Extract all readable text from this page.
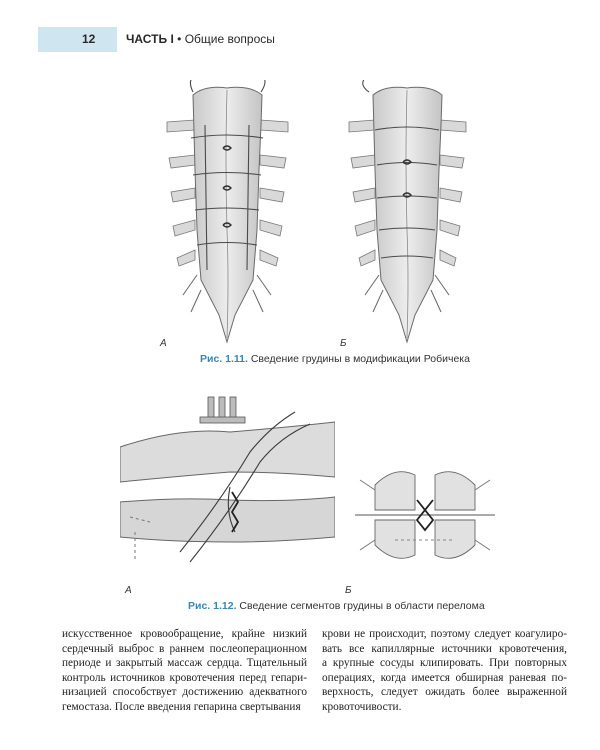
12	ЧАСТЬ I • Общие вопросы
А	Б
Рис. 1.11. Сведение грудины в модификации Робичека
А	Б
Рис. 1.12. Сведение сегментов грудины в области перелома
искусственное кровообращение, крайне низкий
сердечный выброс в раннем послеоперационном
периоде и закрытый массаж сердца. Тщательный
контроль источников кровотечения перед гепари-
низацией способствует достижению адекватного
гемостаза. После введения гепарина свертывания
крови не происходит, поэтому следует коагулиро-
вать все капиллярные источники кровотечения,
а крупные сосуды клипировать. При повторных
операциях, когда имеется обширная раневая по-
верхность, следует ожидать более выраженной
кровоточивости.
